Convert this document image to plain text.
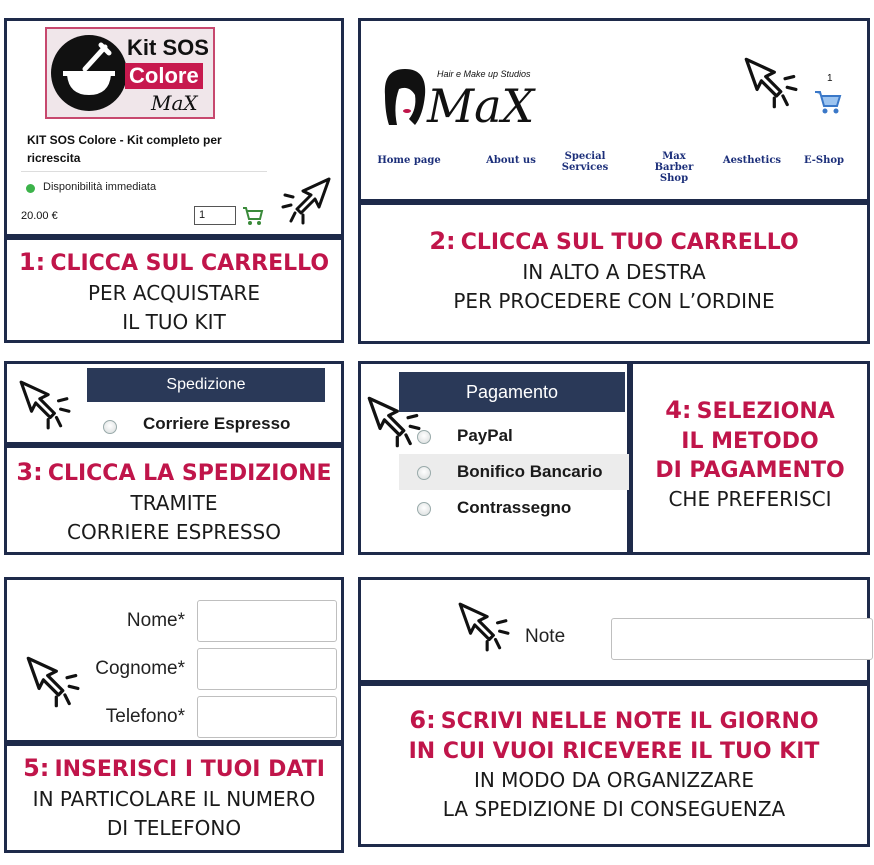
Kit SOS
Colore
MaX
KIT SOS Colore - Kit completo per ricrescita
Disponibilità immediata
20.00 €	1
1: CLICCA SUL CARRELLO
PER ACQUISTARE
IL TUO KIT
Hair e Make up Studios
MaX
1
Home page	About us	Special Services
Max Barber Shop
Aesthetics	E-Shop
2: CLICCA SUL TUO CARRELLO
IN ALTO A DESTRA
PER PROCEDERE CON L’ORDINE
Spedizione
Corriere Espresso
3: CLICCA LA SPEDIZIONE
TRAMITE
CORRIERE ESPRESSO
Pagamento
PayPal
Bonifico Bancario
Contrassegno
4: SELEZIONA
IL METODO
DI PAGAMENTO
CHE PREFERISCI
Nome*
Cognome*
Telefono*
5: INSERISCI I TUOI DATI
IN PARTICOLARE IL NUMERO
DI TELEFONO
Note
6: SCRIVI NELLE NOTE IL GIORNO
IN CUI VUOI RICEVERE IL TUO KIT
IN MODO DA ORGANIZZARE
LA SPEDIZIONE DI CONSEGUENZA
